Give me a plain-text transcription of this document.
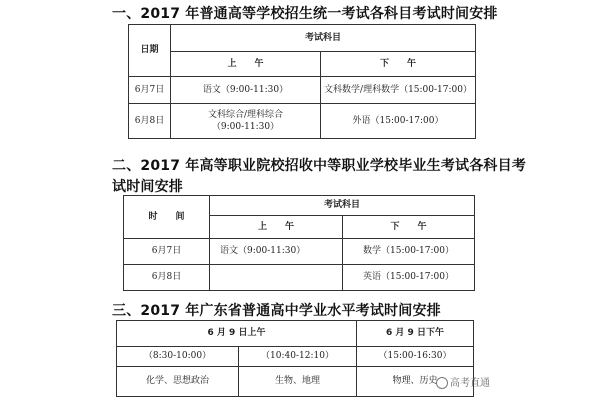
一、2017 年普通高等学校招生统一考试各科目考试时间安排
日期	考试科目	
	上　　午	下　　午
6月7日	语文（9:00-11:30）	文科数学/理科数学（15:00-17:00）
6月8日	文科综合/理科综合
（9:00-11:30）	外语（15:00-17:00）
二、2017 年高等职业院校招收中等职业学校毕业生考试各科目考
试时间安排
时　　间	考试科目	
	上　　午	下　　午
6月7日	语文（9:00-11:30）	数学（15:00-17:00）
6月8日		英语（15:00-17:00）
三、2017 年广东省普通高中学业水平考试时间安排
6 月 9 日上午		6 月 9 日下午
（8:30-10:00）	（10:40-12:10）	（15:00-16:30）
化学、思想政治	生物、地理	物理、历史	高考直通
